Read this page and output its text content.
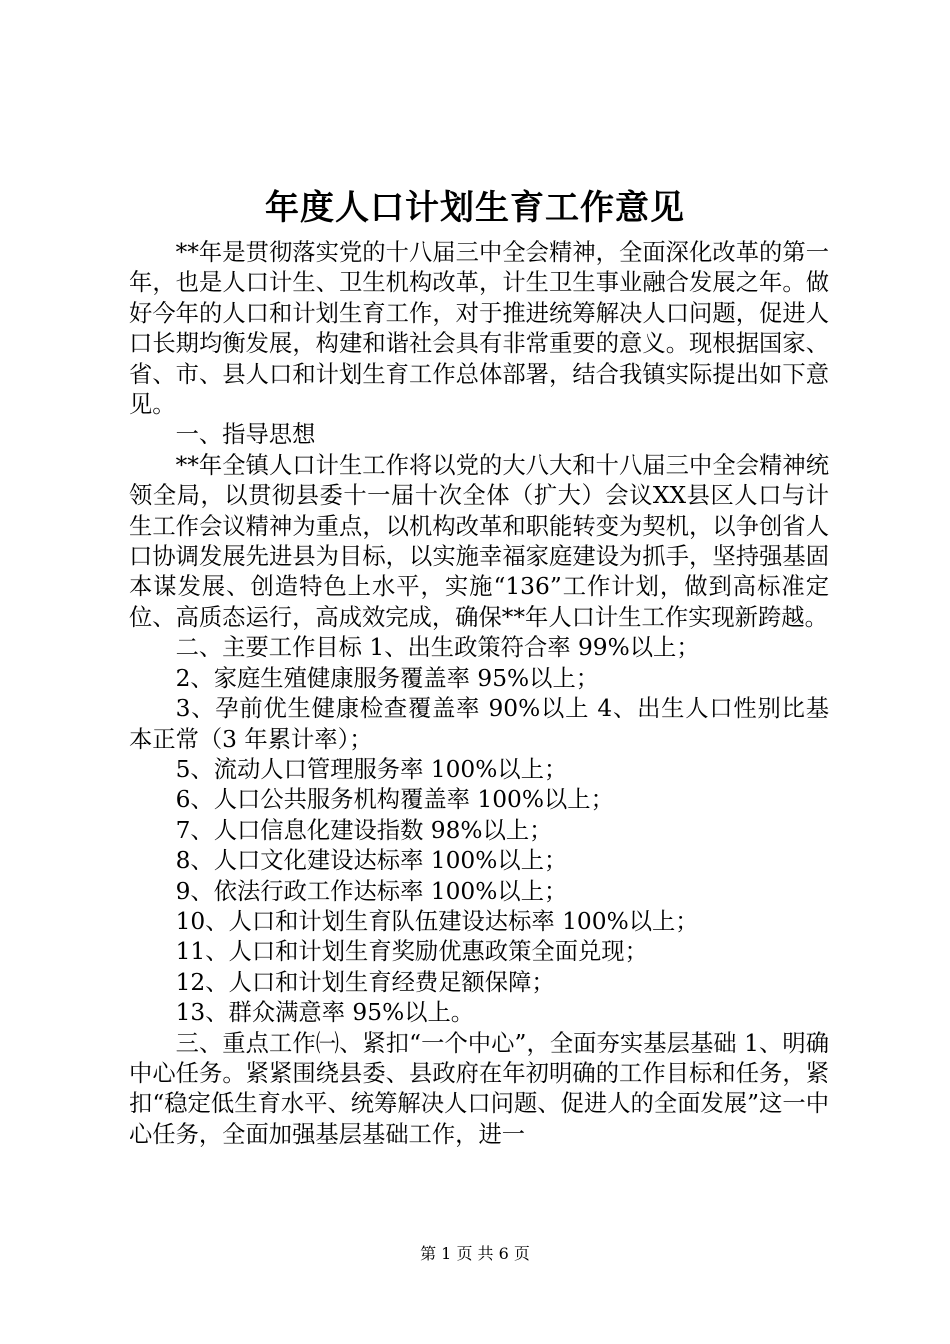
年度人口计划生育工作意见

**年是贯彻落实党的十八届三中全会精神，全面深化改革的第一年，也是人口计生、卫生机构改革，计生卫生事业融合发展之年。做好今年的人口和计划生育工作，对于推进统筹解决人口问题，促进人口长期均衡发展，构建和谐社会具有非常重要的意义。现根据国家、省、市、县人口和计划生育工作总体部署，结合我镇实际提出如下意见。

一、指导思想

**年全镇人口计生工作将以党的大八大和十八届三中全会精神统领全局，以贯彻县委十一届十次全体（扩大）会议XX县区人口与计生工作会议精神为重点，以机构改革和职能转变为契机，以争创省人口协调发展先进县为目标，以实施幸福家庭建设为抓手，坚持强基固本谋发展、创造特色上水平，实施“136”工作计划，做到高标准定位、高质态运行，高成效完成，确保**年人口计生工作实现新跨越。

二、主要工作目标 1、出生政策符合率 99%以上；

2、家庭生殖健康服务覆盖率 95%以上；

3、孕前优生健康检查覆盖率 90%以上 4、出生人口性别比基本正常（3 年累计率）；

5、流动人口管理服务率 100%以上；

6、人口公共服务机构覆盖率 100%以上；

7、人口信息化建设指数 98%以上；

8、人口文化建设达标率 100%以上；

9、依法行政工作达标率 100%以上；

10、人口和计划生育队伍建设达标率 100%以上；

11、人口和计划生育奖励优惠政策全面兑现；

12、人口和计划生育经费足额保障；

13、群众满意率 95%以上。

三、重点工作㈠、紧扣“一个中心”，全面夯实基层基础 1、明确中心任务。紧紧围绕县委、县政府在年初明确的工作目标和任务，紧扣“稳定低生育水平、统筹解决人口问题、促进人的全面发展”这一中心任务，全面加强基层基础工作，进一

第 1 页 共 6 页
